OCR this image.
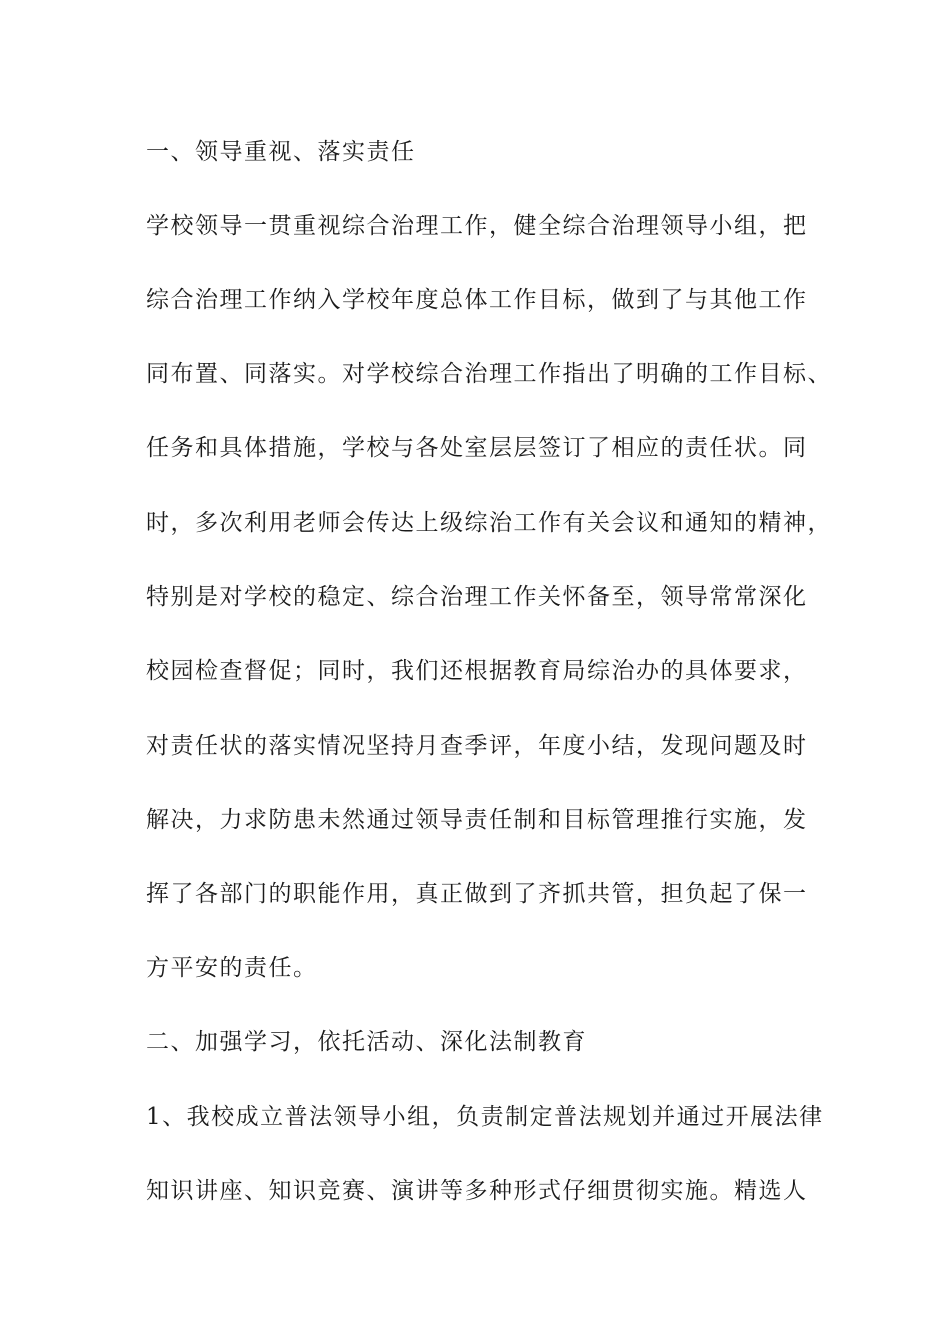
一、领导重视、落实责任
学校领导一贯重视综合治理工作，健全综合治理领导小组，把
综合治理工作纳入学校年度总体工作目标，做到了与其他工作
同布置、同落实。对学校综合治理工作指出了明确的工作目标、
任务和具体措施，学校与各处室层层签订了相应的责任状。同
时，多次利用老师会传达上级综治工作有关会议和通知的精神，
特别是对学校的稳定、综合治理工作关怀备至，领导常常深化
校园检查督促；同时，我们还根据教育局综治办的具体要求，
对责任状的落实情况坚持月查季评，年度小结，发现问题及时
解决，力求防患未然通过领导责任制和目标管理推行实施，发
挥了各部门的职能作用，真正做到了齐抓共管，担负起了保一
方平安的责任。
二、加强学习，依托活动、深化法制教育
1、我校成立普法领导小组，负责制定普法规划并通过开展法律
知识讲座、知识竞赛、演讲等多种形式仔细贯彻实施。精选人
